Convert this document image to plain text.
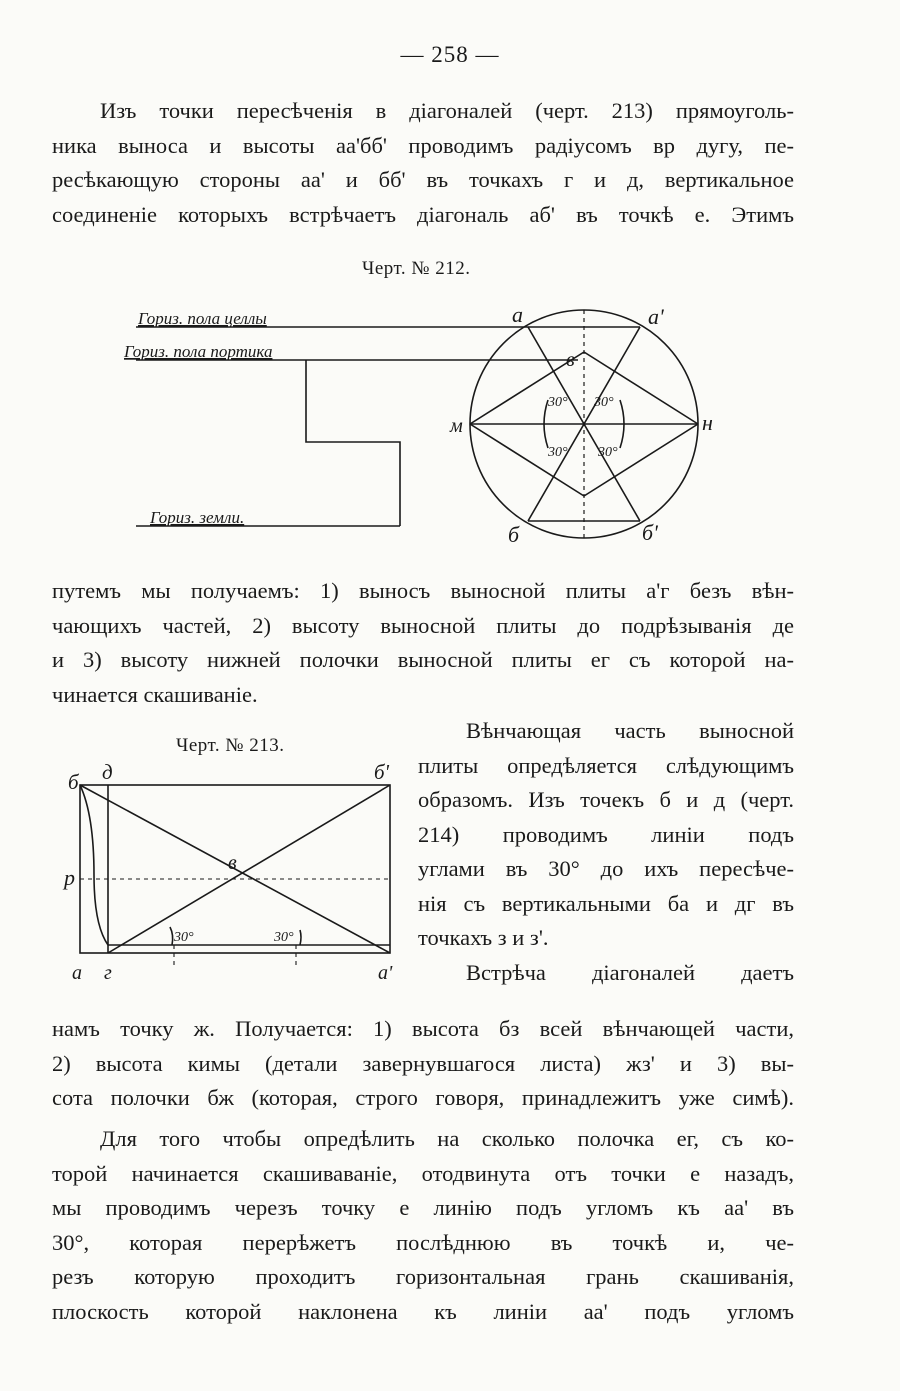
— 258 —
Изъ точки пересѣченія в діагоналей (черт. 213) прямоуголь-
ника выноса и высоты аа'бб' проводимъ радіусомъ вр дугу, пе-
ресѣкающую стороны аа' и бб' въ точкахъ г и д, вертикальное
соединеніе которыхъ встрѣчаетъ діагональ аб' въ точкѣ е. Этимъ
Черт. № 212.
Гориз. пола целлы
Гориз. пола портика
Гориз. земли.
а	а'
в
м	н
б	б'
30° 30°
30° 30°
путемъ мы получаемъ: 1) выносъ выносной плиты а'г безъ вѣн-
чающихъ частей, 2) высоту выносной плиты до подрѣзыванія де
и 3) высоту нижней полочки выносной плиты ег съ которой на-
чинается скашиваніе.
Черт. № 213.
б д	б'
р
в
а г	а'
30°	30°
Вѣнчающая часть выносной
плиты опредѣляется слѣдующимъ
образомъ. Изъ точекъ б и д (черт.
214) проводимъ линіи подъ
углами въ 30° до ихъ пересѣче-
нія съ вертикальными ба и дг въ
точкахъ з и з'.
Встрѣча діагоналей даетъ
намъ точку ж. Получается: 1) высота бз всей вѣнчающей части,
2) высота кимы (детали завернувшагося листа) жз' и 3) вы-
сота полочки бж (которая, строго говоря, принадлежитъ уже симѣ).
Для того чтобы опредѣлить на сколько полочка ег, съ ко-
торой начинается скашиваваніе, отодвинута отъ точки е назадъ,
мы проводимъ черезъ точку е линію подъ угломъ къ аа' въ
30°, которая перерѣжетъ послѣднюю въ точкѣ и, че-
резъ которую проходитъ горизонтальная грань скашиванія,
плоскость которой наклонена къ линіи аа' подъ угломъ
